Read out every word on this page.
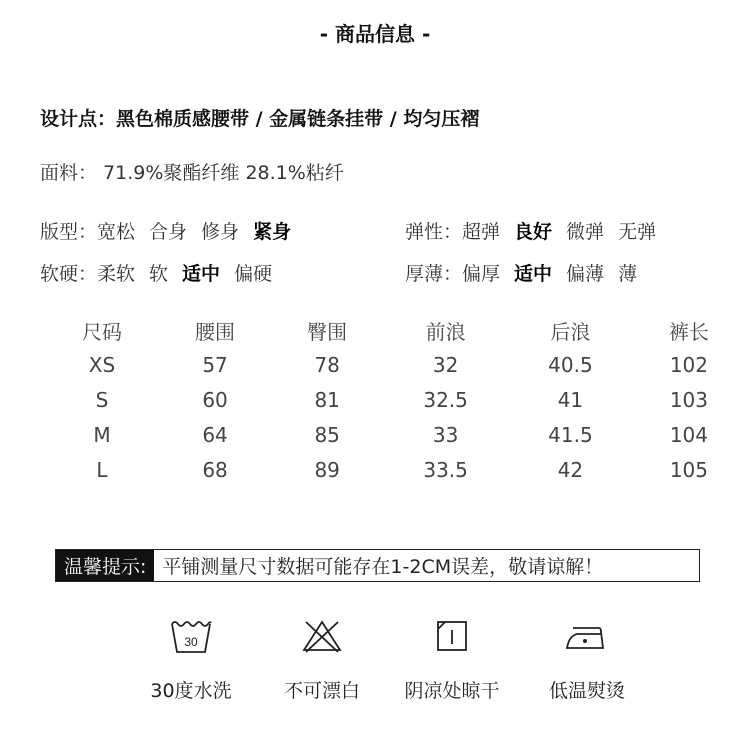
- 商品信息 -
设计点：黑色棉质感腰带 / 金属链条挂带 / 均匀压褶
面料： 71.9%聚酯纤维 28.1%粘纤
版型： 宽松 合身 修身 紧身	弹性： 超弹 良好 微弹 无弹
软硬： 柔软 软 适中 偏硬	厚薄： 偏厚 适中 偏薄 薄
尺码	腰围	臀围	前浪	后浪	裤长
XS	57	78	32	40.5	102
S	60	81	32.5	41	103
M	64	85	33	41.5	104
L	68	89	33.5	42	105
温馨提示: 平铺测量尺寸数据可能存在1-2CM误差，敬请谅解！
30
30度水洗	不可漂白	阴凉处晾干	低温熨烫
